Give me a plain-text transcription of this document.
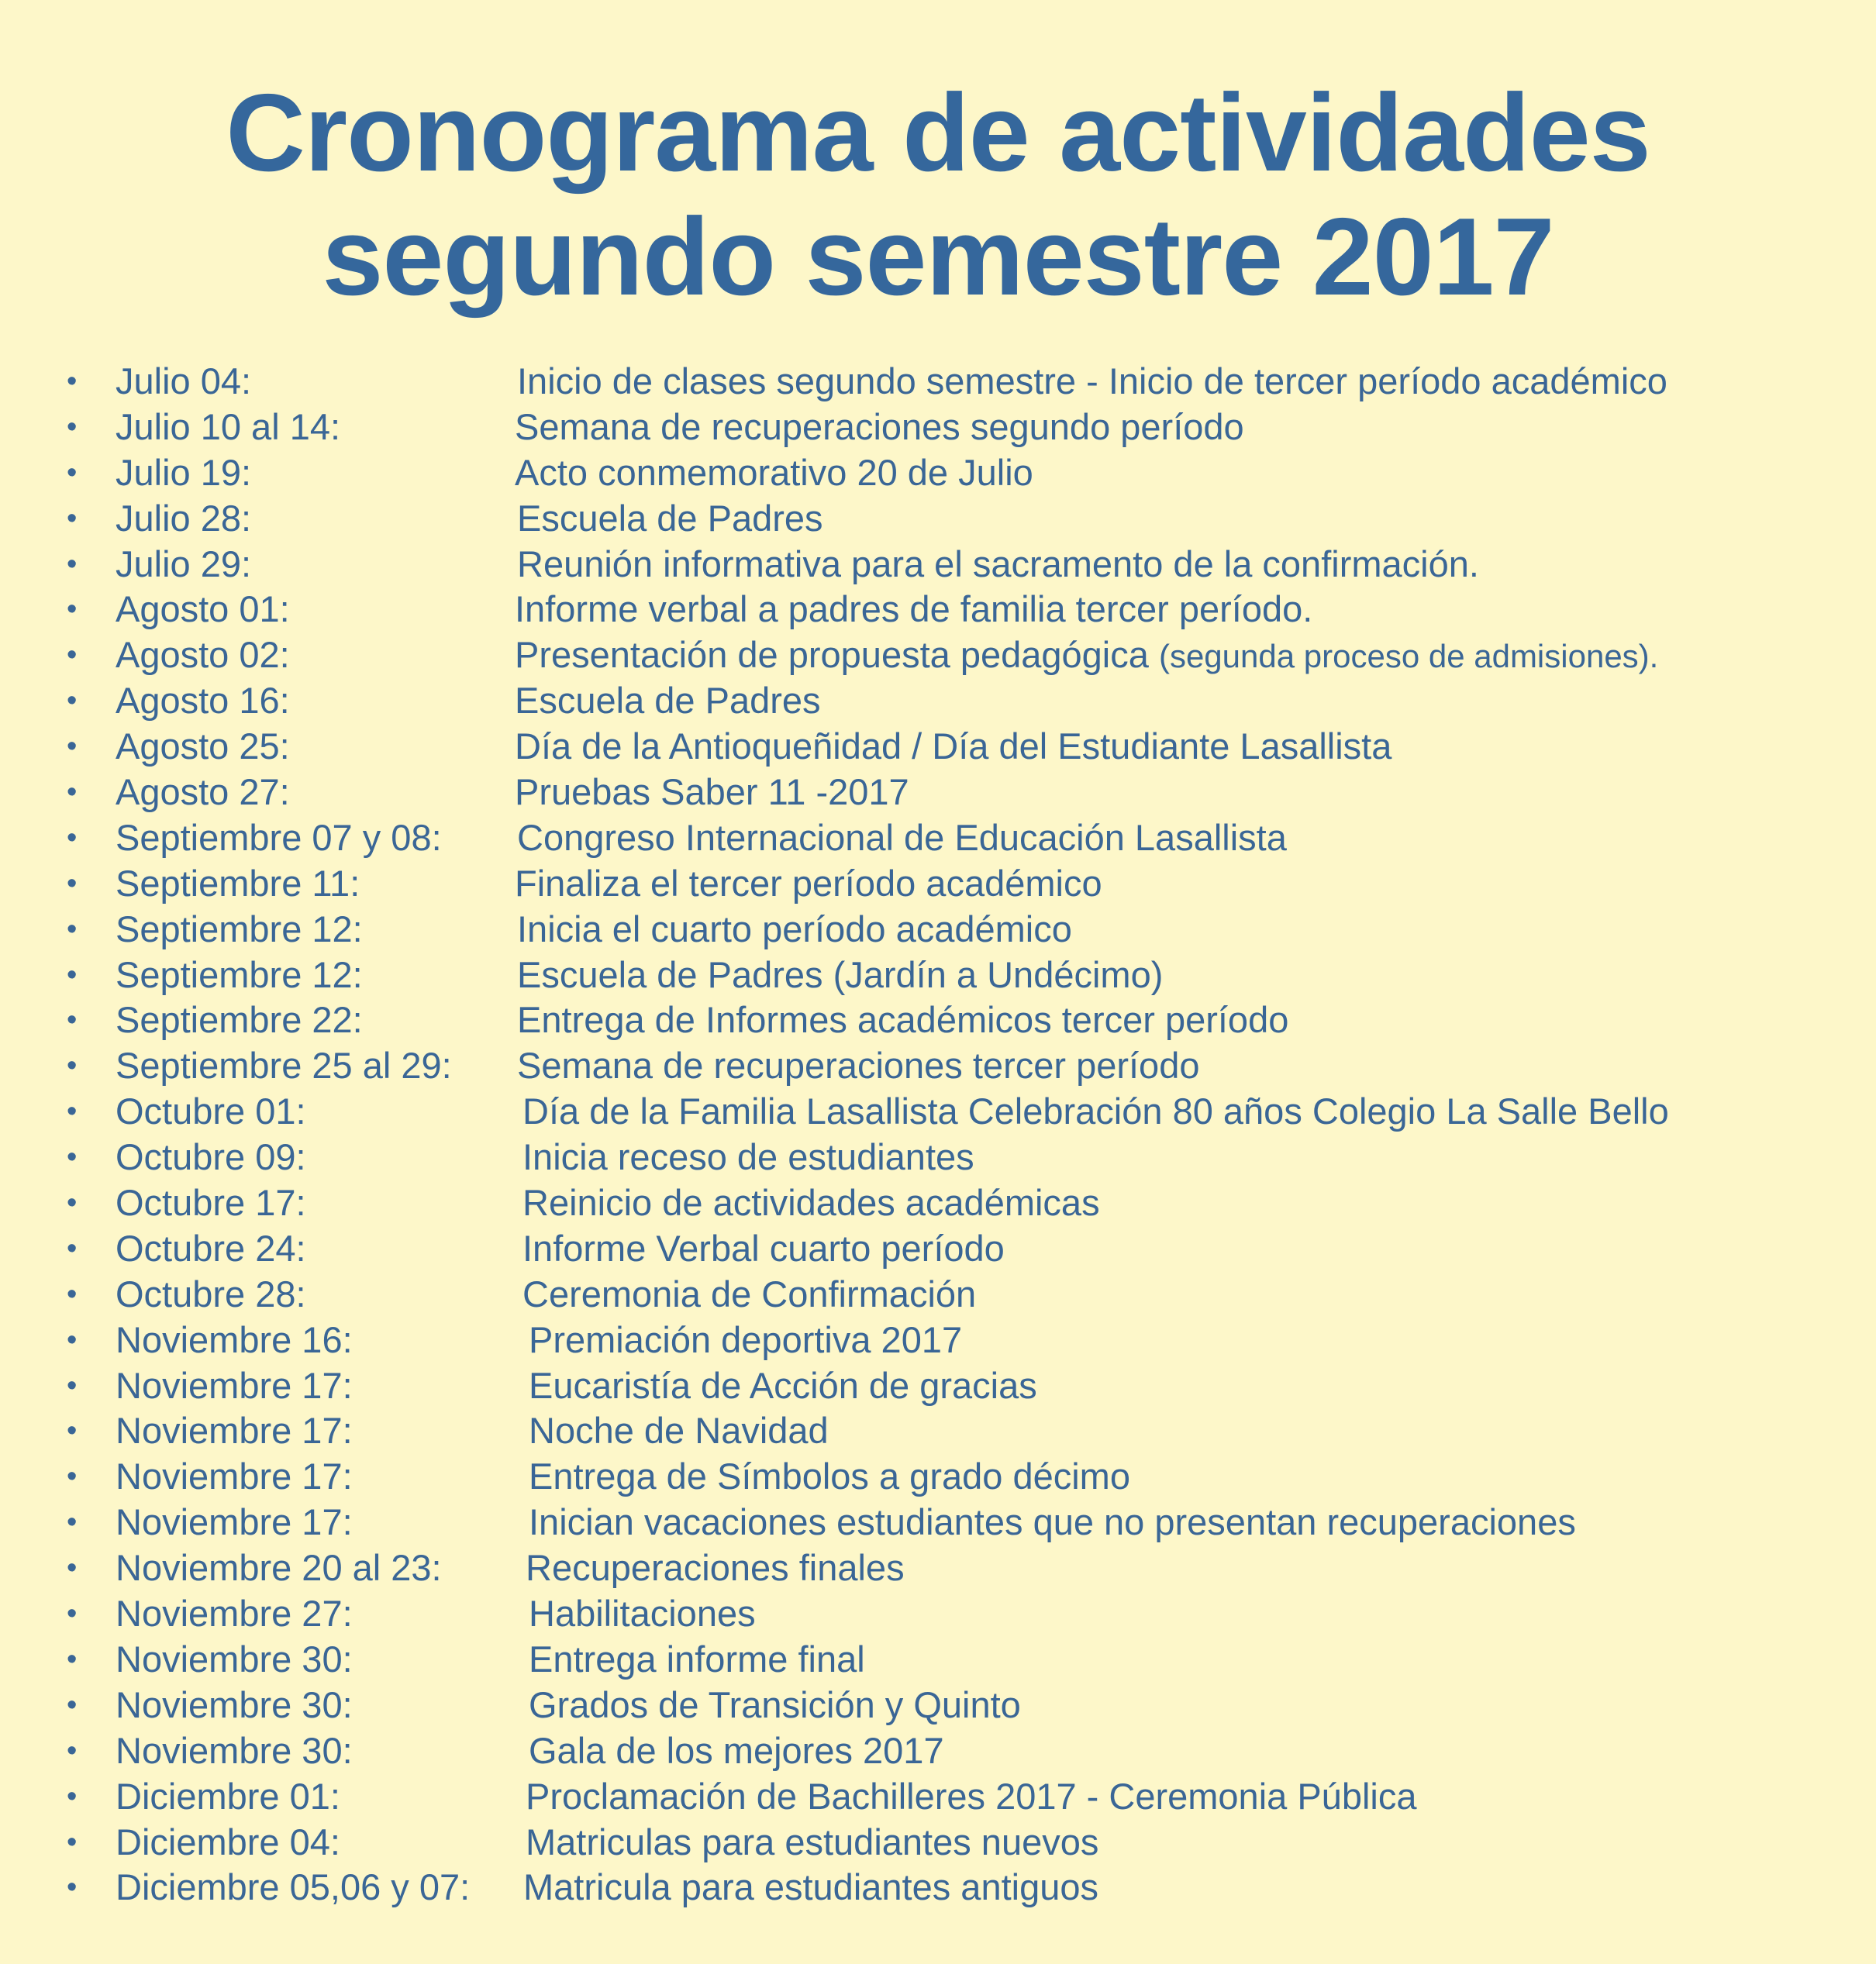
Cronograma de actividades
segundo semestre 2017
• Julio 04:	Inicio de clases segundo semestre - Inicio de tercer período académico
• Julio 10 al 14:	Semana de recuperaciones segundo período
• Julio 19:	Acto conmemorativo 20 de Julio
• Julio 28:	Escuela de Padres
• Julio 29:	Reunión informativa para el sacramento de la confirmación.
• Agosto 01:	Informe verbal a padres de familia tercer período.
• Agosto 02:	Presentación de propuesta pedagógica (segunda proceso de admisiones).
• Agosto 16:	Escuela de Padres
• Agosto 25:	Día de la Antioqueñidad / Día del Estudiante Lasallista
• Agosto 27:	Pruebas Saber 11 -2017
• Septiembre 07 y 08: Congreso Internacional de Educación Lasallista
• Septiembre 11:	Finaliza el tercer período académico
• Septiembre 12:	Inicia el cuarto período académico
• Septiembre 12:	Escuela de Padres (Jardín a Undécimo)
• Septiembre 22:	Entrega de Informes académicos tercer período
• Septiembre 25 al 29: Semana de recuperaciones tercer período
• Octubre 01:	Día de la Familia Lasallista Celebración 80 años Colegio La Salle Bello
• Octubre 09:	Inicia receso de estudiantes
• Octubre 17:	Reinicio de actividades académicas
• Octubre 24:	Informe Verbal cuarto período
• Octubre 28:	Ceremonia de Confirmación
• Noviembre 16:	Premiación deportiva 2017
• Noviembre 17:	Eucaristía de Acción de gracias
• Noviembre 17:	Noche de Navidad
• Noviembre 17:	Entrega de Símbolos a grado décimo
• Noviembre 17:	Inician vacaciones estudiantes que no presentan recuperaciones
• Noviembre 20 al 23: Recuperaciones finales
• Noviembre 27:	Habilitaciones
• Noviembre 30:	Entrega informe final
• Noviembre 30:	Grados de Transición y Quinto
• Noviembre 30:	Gala de los mejores 2017
• Diciembre 01:	Proclamación de Bachilleres 2017 - Ceremonia Pública
• Diciembre 04:	Matriculas para estudiantes nuevos
• Diciembre 05,06 y 07: Matricula para estudiantes antiguos
